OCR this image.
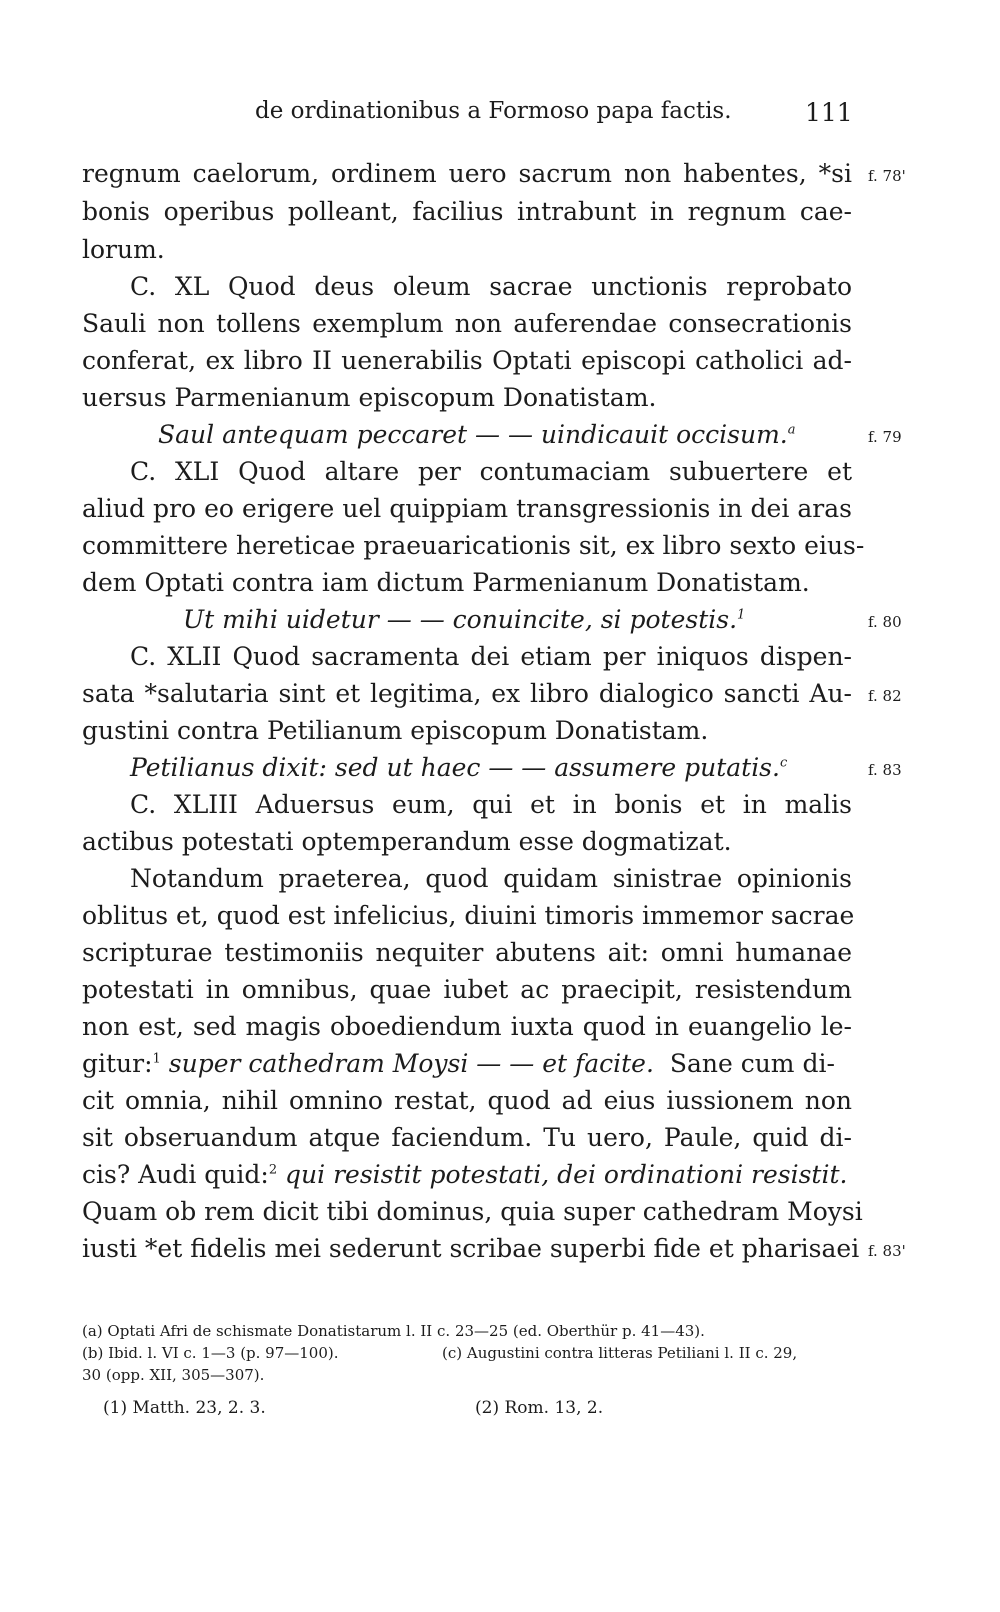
de ordinationibus a Formoso papa factis.	111
regnum caelorum, ordinem uero sacrum non habentes, *si
bonis operibus polleant, facilius intrabunt in regnum cae-
lorum.
C. XL Quod deus oleum sacrae unctionis reprobato
Sauli non tollens exemplum non auferendae consecrationis
conferat, ex libro II uenerabilis Optati episcopi catholici ad-
uersus Parmenianum episcopum Donatistam.
Saul antequam peccaret — — uindicauit occisum.$^a$
C. XLI Quod altare per contumaciam subuertere et
aliud pro eo erigere uel quippiam transgressionis in dei aras
committere hereticae praeuaricationis sit, ex libro sexto eius-
dem Optati contra iam dictum Parmenianum Donatistam.
Ut mihi uidetur — — conuincite, si potestis.$^1$
C. XLII Quod sacramenta dei etiam per iniquos dispen-
sata *salutaria sint et legitima, ex libro dialogico sancti Au-
gustini contra Petilianum episcopum Donatistam.
Petilianus dixit: sed ut haec — — assumere putatis.$^c$
C. XLIII Aduersus eum, qui et in bonis et in malis
actibus potestati optemperandum esse dogmatizat.
Notandum praeterea, quod quidam sinistrae opinionis
oblitus et, quod est infelicius, diuini timoris immemor sacrae
scripturae testimoniis nequiter abutens ait: omni humanae
potestati in omnibus, quae iubet ac praecipit, resistendum
non est, sed magis oboediendum iuxta quod in euangelio le-
gitur:$^1$ super cathedram Moysi — — et facite. Sane cum di-
cit omnia, nihil omnino restat, quod ad eius iussionem non
sit obseruandum atque faciendum. Tu uero, Paule, quid di-
cis? Audi quid:$^2$ qui resistit potestati, dei ordinationi resistit.
Quam ob rem dicit tibi dominus, quia super cathedram Moysi
iusti *et fidelis mei sederunt scribae superbi fide et pharisaei
f. 78'
f. 79
f. 80
f. 82
f. 83
f. 83'
(a) Optati Afri de schismate Donatistarum l. II c. 23—25 (ed. Oberthür p. 41—43).
(b) Ibid. l. VI c. 1—3 (p. 97—100).	(c) Augustini contra litteras Petiliani l. II c. 29,
30 (opp. XII, 305—307).
(1) Matth. 23, 2. 3.	(2) Rom. 13, 2.
